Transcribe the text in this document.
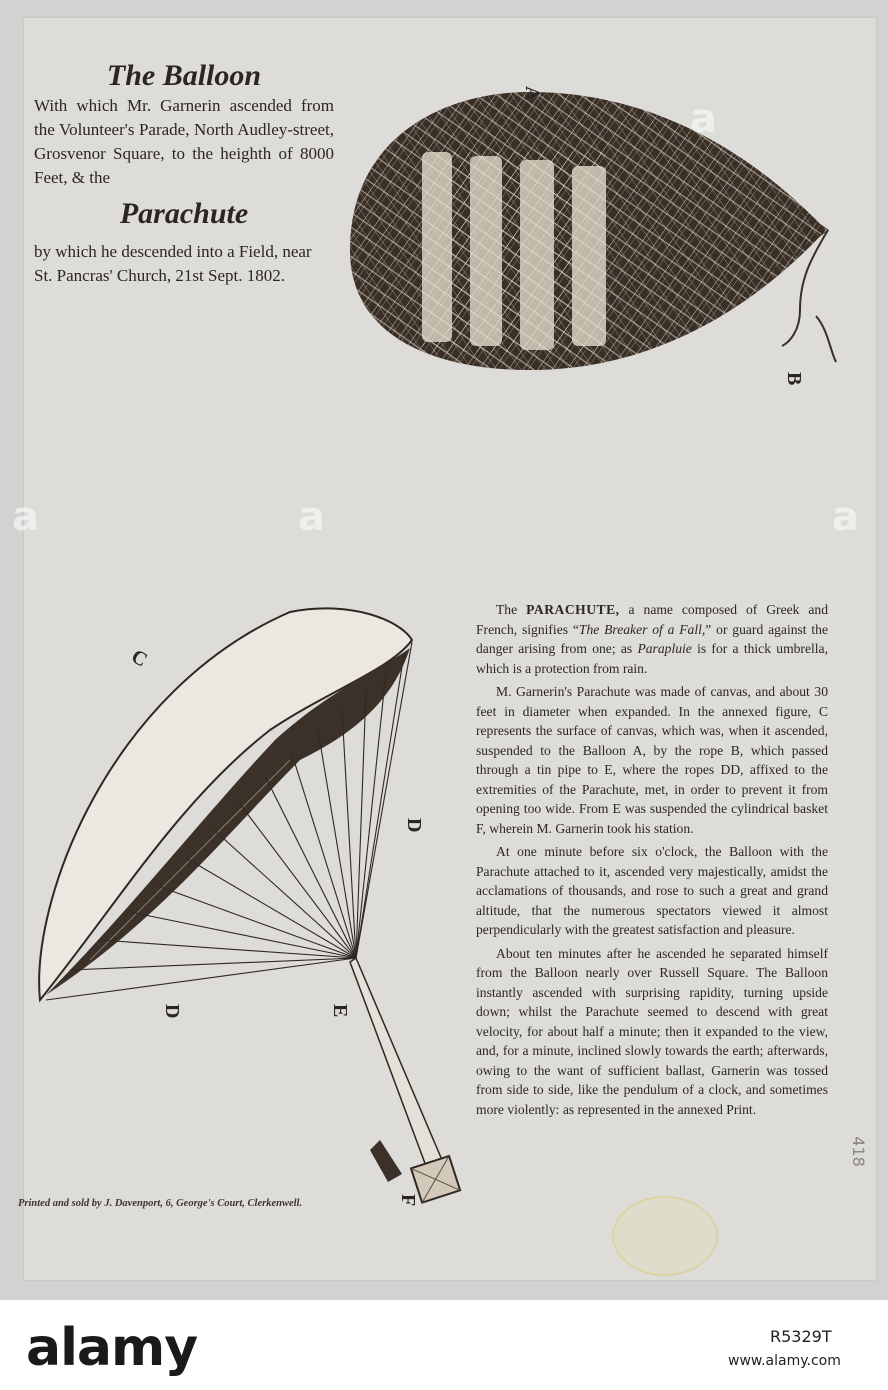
The Balloon
With which Mr. Garnerin ascended from the Volunteer's Parade, North Audley-street, Grosvenor Square, to the heighth of 8000 Feet, & the
Parachute
by which he descended into a Field, near St. Pancras' Church, 21st Sept. 1802.
A
B
C
D
D	E
F

The PARACHUTE, a name composed of Greek and French, signifies “The Breaker of a Fall,” or guard against the danger arising from one; as Parapluie is for a thick umbrella, which is a protection from rain.

M. Garnerin's Parachute was made of canvas, and about 30 feet in diameter when expanded. In the annexed figure, C represents the surface of canvas, which was, when it ascended, suspended to the Balloon A, by the rope B, which passed through a tin pipe to E, where the ropes DD, affixed to the extremities of the Parachute, met, in order to prevent it from opening too wide. From E was suspended the cylindrical basket F, wherein M. Garnerin took his station.

At one minute before six o'clock, the Balloon with the Parachute attached to it, ascended very majestically, amidst the acclamations of thousands, and rose to such a great and grand altitude, that the numerous spectators viewed it almost perpendicularly with the greatest satisfaction and pleasure.

About ten minutes after he ascended he separated himself from the Balloon nearly over Russell Square. The Balloon instantly ascended with surprising rapidity, turning upside down; whilst the Parachute seemed to descend with great velocity, for about half a minute; then it expanded to the view, and, for a minute, inclined slowly towards the earth; afterwards, owing to the want of sufficient ballast, Garnerin was tossed from side to side, like the pendulum of a clock, and sometimes more violently: as represented in the annexed Print.

Printed and sold by J. Davenport, 6, George's Court, Clerkenwell.
418
a
a	a	a
alamy	R5329T
www.alamy.com
